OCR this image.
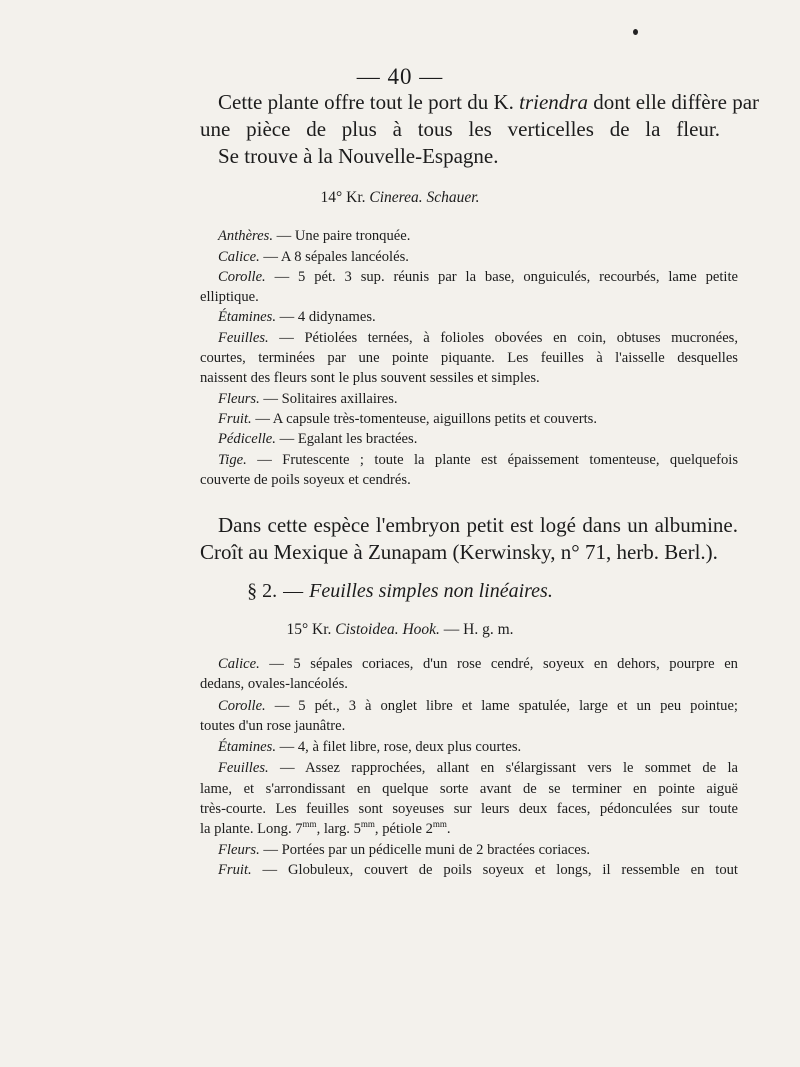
— 40 —
Cette plante offre tout le port du K. triendra dont elle diffère par
une pièce de plus à tous les verticelles de la fleur.
Se trouve à la Nouvelle-Espagne.
14° Kr. Cinerea. Schauer.
Anthères. — Une paire tronquée.
Calice. — A 8 sépales lancéolés.
Corolle. — 5 pét. 3 sup. réunis par la base, onguiculés, recourbés, lame petite
elliptique.
Étamines. — 4 didynames.
Feuilles. — Pétiolées ternées, à folioles obovées en coin, obtuses mucronées,
courtes, terminées par une pointe piquante. Les feuilles à l'aisselle desquelles
naissent des fleurs sont le plus souvent sessiles et simples.
Fleurs. — Solitaires axillaires.
Fruit. — A capsule très-tomenteuse, aiguillons petits et couverts.
Pédicelle. — Egalant les bractées.
Tige. — Frutescente ; toute la plante est épaissement tomenteuse, quelquefois
couverte de poils soyeux et cendrés.
Dans cette espèce l'embryon petit est logé dans un albumine.
Croît au Mexique à Zunapam (Kerwinsky, n° 71, herb. Berl.).
§ 2. — Feuilles simples non linéaires.
15° Kr. Cistoidea. Hook. — H. g. m.
Calice. — 5 sépales coriaces, d'un rose cendré, soyeux en dehors, pourpre en
dedans, ovales-lancéolés.
Corolle. — 5 pét., 3 à onglet libre et lame spatulée, large et un peu pointue;
toutes d'un rose jaunâtre.
Étamines. — 4, à filet libre, rose, deux plus courtes.
Feuilles. — Assez rapprochées, allant en s'élargissant vers le sommet de la
lame, et s'arrondissant en quelque sorte avant de se terminer en pointe aiguë
très-courte. Les feuilles sont soyeuses sur leurs deux faces, pédonculées sur toute
la plante. Long. $7^{mm}$, larg. $5^{mm}$, pétiole $2^{mm}$.
Fleurs. — Portées par un pédicelle muni de 2 bractées coriaces.
Fruit. — Globuleux, couvert de poils soyeux et longs, il ressemble en tout
